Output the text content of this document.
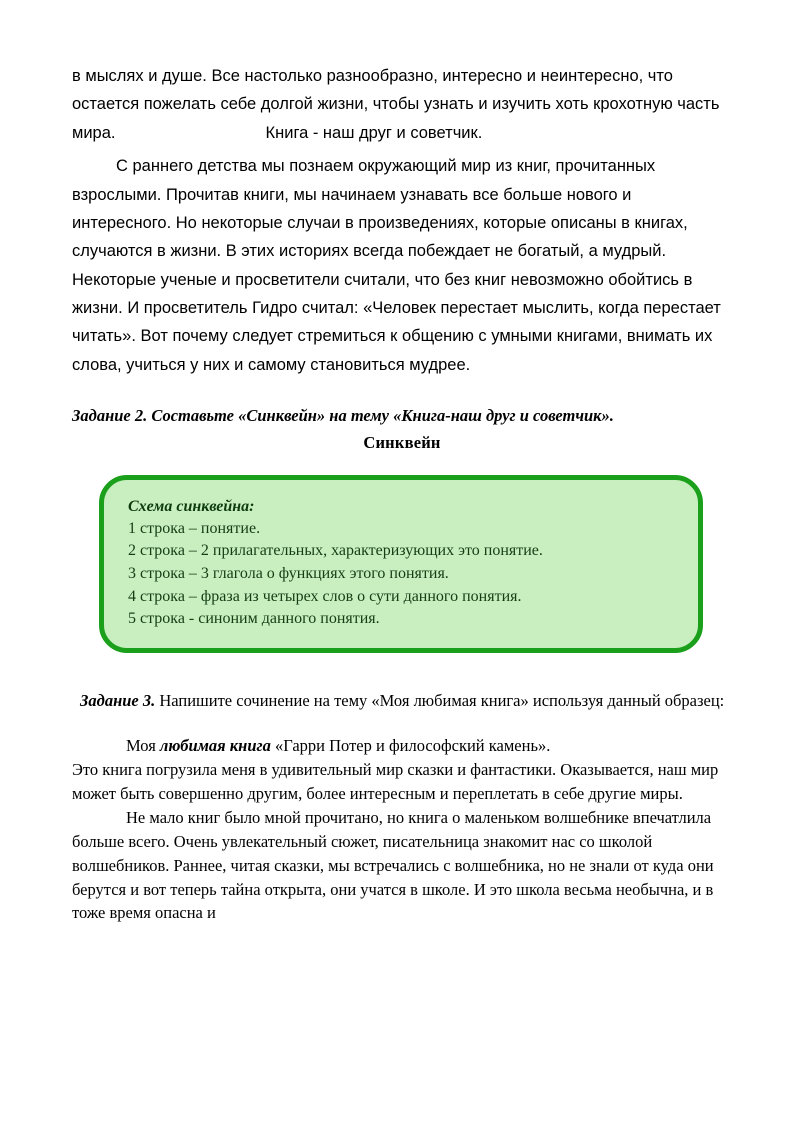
в мыслях и душе. Все настолько разнообразно, интересно и неинтересно, что остается пожелать себе долгой жизни, чтобы узнать и изучить хоть крохотную часть мира.	Книга - наш друг и советчик.
С раннего детства мы познаем окружающий мир из книг, прочитанных взрослыми. Прочитав книги, мы начинаем узнавать все больше нового и интересного. Но некоторые случаи в произведениях, которые описаны в книгах, случаются в жизни. В этих историях всегда побеждает не богатый, а мудрый. Некоторые ученые и просветители считали, что без книг невозможно обойтись в жизни. И просветитель Гидро считал: «Человек перестает мыслить, когда перестает читать». Вот почему следует стремиться к общению с умными книгами, внимать их слова, учиться у них и самому становиться мудрее.
Задание 2. Составьте «Синквейн» на тему «Книга-наш друг и советчик».
Синквейн
Схема синквейна:
1 строка – понятие.
2 строка – 2 прилагательных, характеризующих это понятие.
3 строка – 3 глагола о функциях этого понятия.
4 строка – фраза из четырех слов о сути данного понятия.
5 строка - синоним данного понятия.
Задание 3. Напишите сочинение на тему «Моя любимая книга» используя данный образец:

Моя любимая книга «Гарри Потер и философский камень».

Это книга погрузила меня в удивительный мир сказки и фантастики. Оказывается, наш мир может быть совершенно другим, более интересным и переплетать в себе другие миры.

Не мало книг было мной прочитано, но книга о маленьком волшебнике впечатлила больше всего. Очень увлекательный сюжет, писательница знакомит нас со школой волшебников. Раннее, читая сказки, мы встречались с волшебника, но не знали от куда они берутся и вот теперь тайна открыта, они учатся в школе. И это школа весьма необычна, и в тоже время опасна и
